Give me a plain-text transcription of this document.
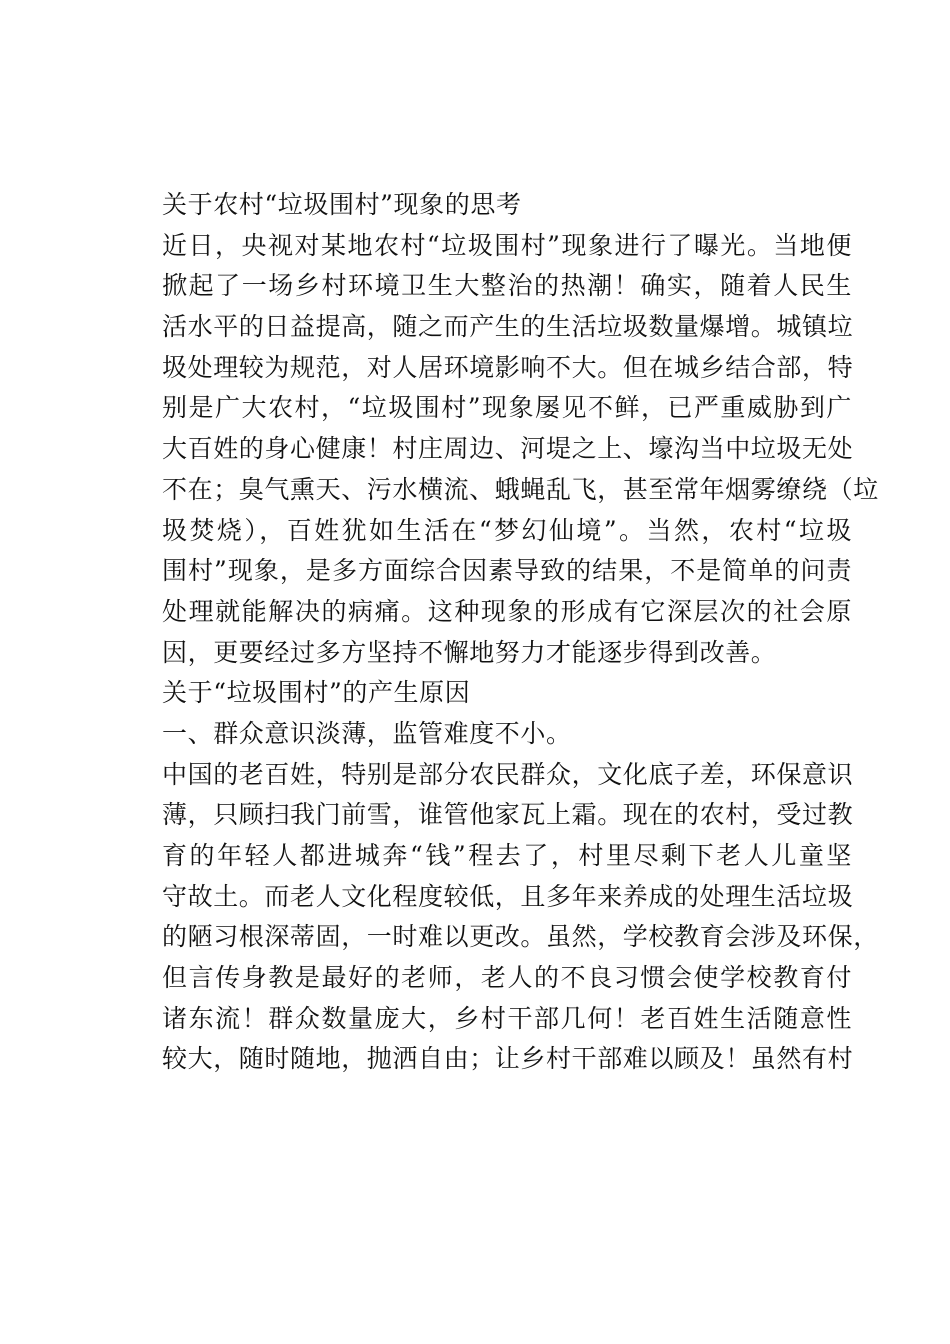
关于农村“垃圾围村”现象的思考
近日，央视对某地农村“垃圾围村”现象进行了曝光。当地便
掀起了一场乡村环境卫生大整治的热潮！确实，随着人民生
活水平的日益提高，随之而产生的生活垃圾数量爆增。城镇垃
圾处理较为规范，对人居环境影响不大。但在城乡结合部，特
别是广大农村，“垃圾围村”现象屡见不鲜，已严重威胁到广
大百姓的身心健康！村庄周边、河堤之上、壕沟当中垃圾无处
不在；臭气熏天、污水横流、蛾蝇乱飞，甚至常年烟雾缭绕（垃
圾焚烧），百姓犹如生活在“梦幻仙境”。当然，农村“垃圾
围村”现象，是多方面综合因素导致的结果，不是简单的问责
处理就能解决的病痛。这种现象的形成有它深层次的社会原
因，更要经过多方坚持不懈地努力才能逐步得到改善。
关于“垃圾围村”的产生原因
一、群众意识淡薄，监管难度不小。
中国的老百姓，特别是部分农民群众，文化底子差，环保意识
薄，只顾扫我门前雪，谁管他家瓦上霜。现在的农村，受过教
育的年轻人都进城奔“钱”程去了，村里尽剩下老人儿童坚
守故土。而老人文化程度较低，且多年来养成的处理生活垃圾
的陋习根深蒂固，一时难以更改。虽然，学校教育会涉及环保，
但言传身教是最好的老师，老人的不良习惯会使学校教育付
诸东流！群众数量庞大，乡村干部几何！老百姓生活随意性
较大，随时随地，抛洒自由；让乡村干部难以顾及！虽然有村
